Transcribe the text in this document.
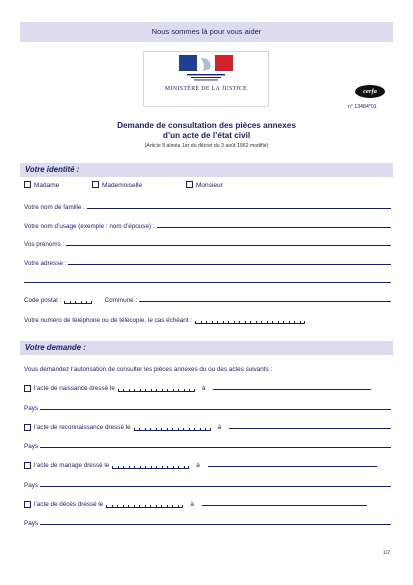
Nous sommes là pour vous aider
MINISTÈRE DE LA JUSTICE	cerfa
n° 13484*01
Demande de consultation des pièces annexes
d’un acte de l’état civil
(Article 8 alinéa 1er du décret du 3 août 1962 modifié)
Votre identité :
Madame	Mademoiselle	Monsieur
Votre nom de famille :
Votre nom d’usage (exemple : nom d’épouse) :
Vos prénoms :
Votre adresse :
Code postal :	Commune :
Votre numéro de téléphone ou de télécopie, le cas échéant :
Votre demande :
Vous demandez l’autorisation de consulter les pièces annexes du ou des actes suivants :
l’acte de naissance dressé le	à
Pays
l’acte de reconnaissance dressé le	à
Pays
l’acte de mariage dressé le	à
Pays
l’acte de décès dressé le	à
Pays
1/2
